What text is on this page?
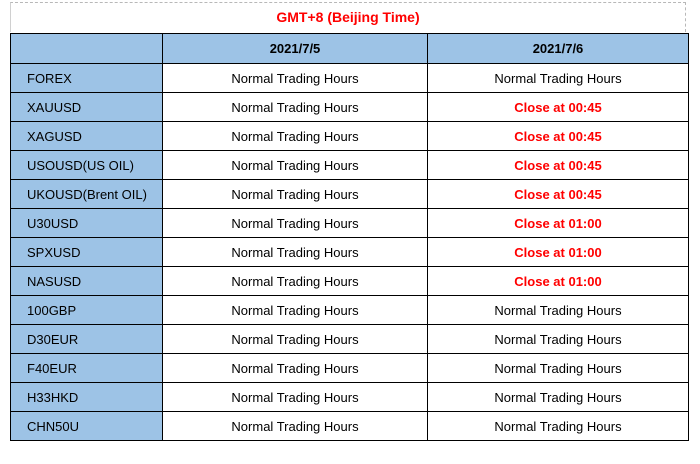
GMT+8 (Beijing Time)
	2021/7/5	2021/7/6
FOREX	Normal Trading Hours	Normal Trading Hours
XAUUSD	Normal Trading Hours	Close at 00:45
XAGUSD	Normal Trading Hours	Close at 00:45
USOUSD(US OIL)	Normal Trading Hours	Close at 00:45
UKOUSD(Brent OIL)	Normal Trading Hours	Close at 00:45
U30USD	Normal Trading Hours	Close at 01:00
SPXUSD	Normal Trading Hours	Close at 01:00
NASUSD	Normal Trading Hours	Close at 01:00
100GBP	Normal Trading Hours	Normal Trading Hours
D30EUR	Normal Trading Hours	Normal Trading Hours
F40EUR	Normal Trading Hours	Normal Trading Hours
H33HKD	Normal Trading Hours	Normal Trading Hours
CHN50U	Normal Trading Hours	Normal Trading Hours
